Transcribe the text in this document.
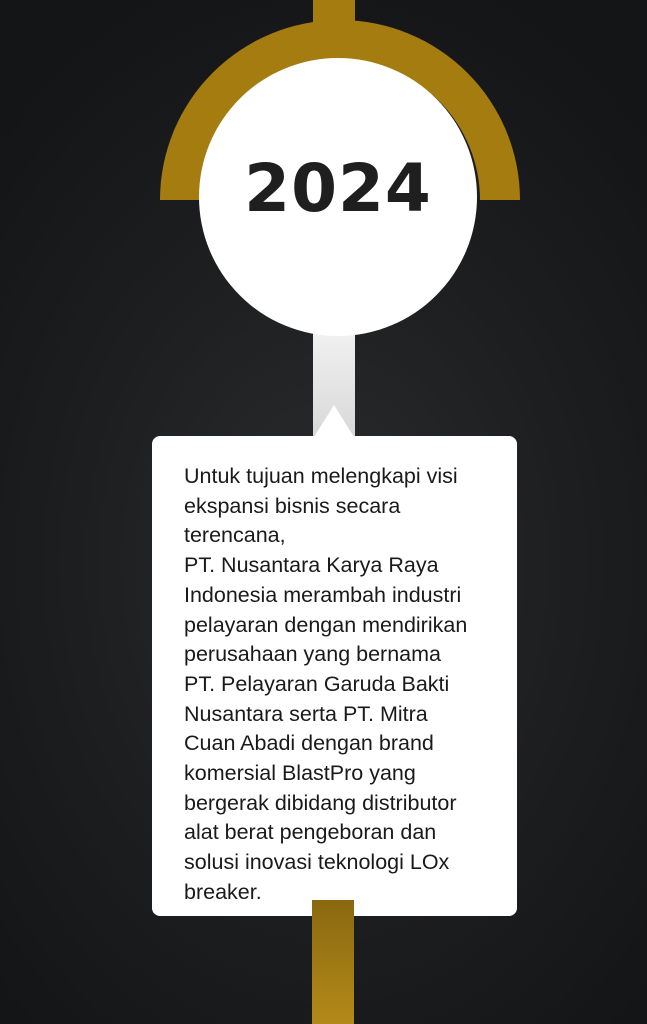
2024

Untuk tujuan melengkapi visi
ekspansi bisnis secara terencana,
PT. Nusantara Karya Raya
Indonesia merambah industri
pelayaran dengan mendirikan
perusahaan yang bernama
PT. Pelayaran Garuda Bakti
Nusantara serta PT. Mitra
Cuan Abadi dengan brand
komersial BlastPro yang
bergerak dibidang distributor
alat berat pengeboran dan
solusi inovasi teknologi LOx
breaker.
